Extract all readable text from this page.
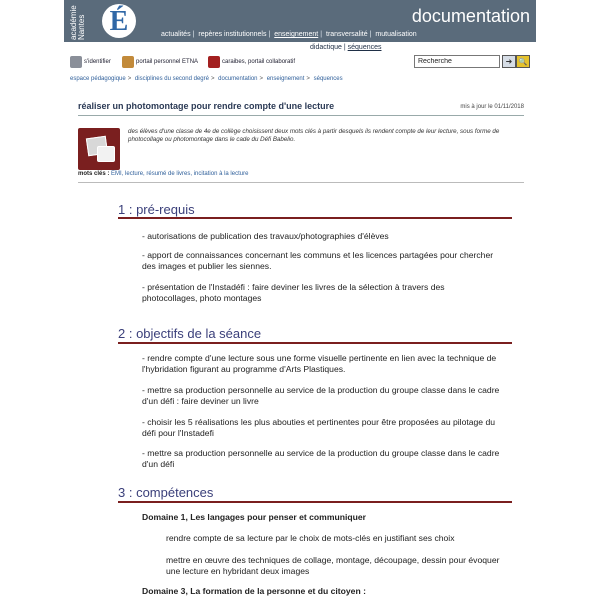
académie Nantes É	documentation
actualités | repères institutionnels | enseignement | transversalité | mutualisation
didactique | séquences
s'identifier	portail personnel ETNA	caraibes, portail collaboratif
Recherche	➜ 🔍
espace pédagogique > disciplines du second degré > documentation > enseignement > séquences
réaliser un photomontage pour rendre compte d'une lecture	mis à jour le 01/11/2018
des élèves d'une classe de 4e de collège choisissent deux mots clés à partir desquels ils rendent compte de leur lecture, sous forme de photocollage ou photomontage dans le cade du Défi Babelio.
mots clés : EMI, lecture, résumé de livres, incitation à la lecture
1 : pré-requis
- autorisations de publication des travaux/photographies d'élèves
- apport de connaissances concernant les communs et les licences partagées pour chercher des images et publier les siennes.
- présentation de l'Instadéfi : faire deviner les livres de la sélection à travers des photocollages, photo montages
2 : objectifs de la séance
- rendre compte d'une lecture sous une forme visuelle pertinente en lien avec la technique de l'hybridation figurant au programme d'Arts Plastiques.
- mettre sa production personnelle au service de la production du groupe classe dans le cadre d'un défi : faire deviner un livre
- choisir les 5 réalisations les plus abouties et pertinentes pour être proposées au pilotage du défi pour l'Instadefi
- mettre sa production personnelle au service de la production du groupe classe dans le cadre d'un défi
3 : compétences
Domaine 1, Les langages pour penser et communiquer
rendre compte de sa lecture par le choix de mots-clés en justifiant ses choix
mettre en œuvre des techniques de collage, montage, découpage, dessin pour évoquer une lecture en hybridant deux images
Domaine 3, La formation de la personne et du citoyen :
